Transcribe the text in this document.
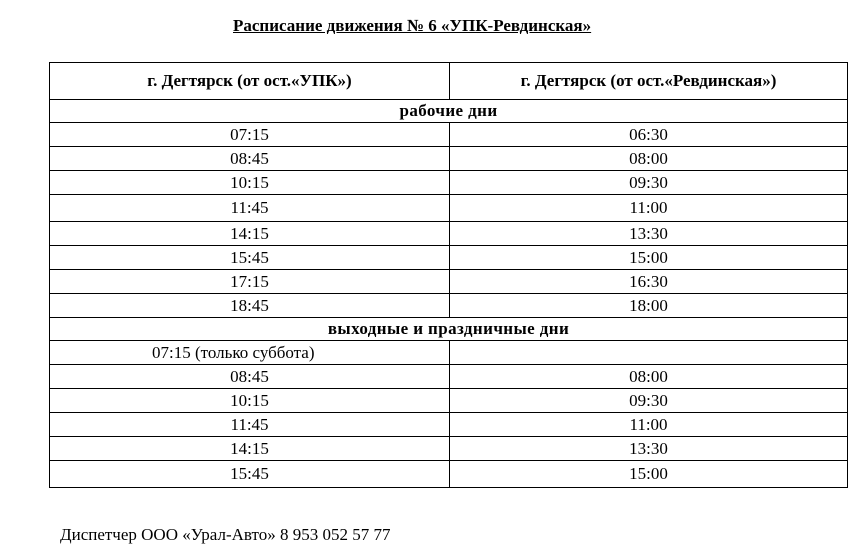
Расписание движения № 6 «УПК-Ревдинская»
г. Дегтярск (от ост.«УПК»)	г. Дегтярск (от ост.«Ревдинская»)
рабочие дни	
07:15	06:30
08:45	08:00
10:15	09:30
11:45	11:00
14:15	13:30
15:45	15:00
17:15	16:30
18:45	18:00
выходные и праздничные дни	
07:15 (только суббота)	
08:45	08:00
10:15	09:30
11:45	11:00
14:15	13:30
15:45	15:00
Диспетчер ООО «Урал-Авто» 8 953 052 57 77
